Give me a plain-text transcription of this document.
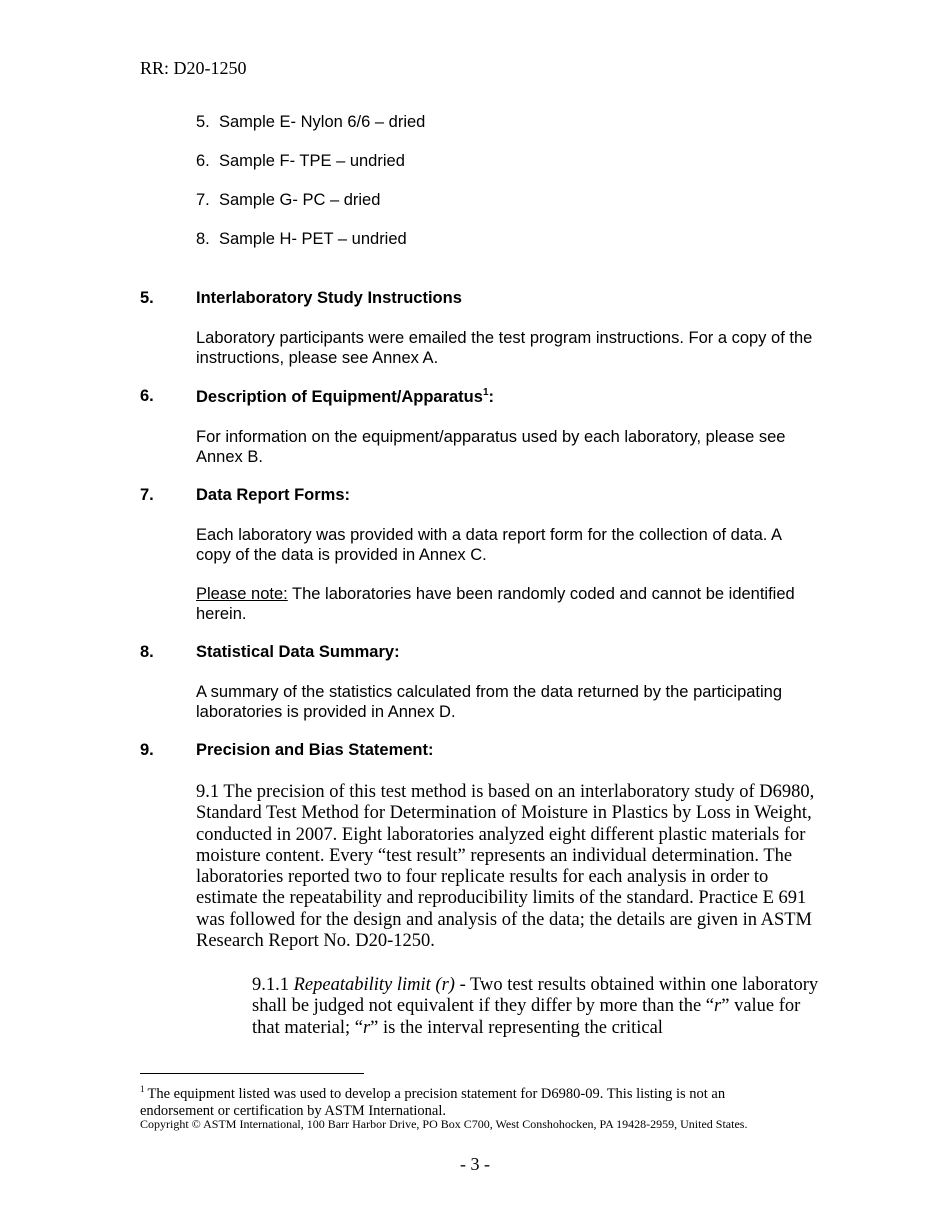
RR: D20-1250
5. Sample E- Nylon 6/6 – dried
6. Sample F- TPE – undried
7. Sample G- PC – dried
8. Sample H- PET – undried
5.	Interlaboratory Study Instructions
Laboratory participants were emailed the test program instructions. For a copy of the instructions, please see Annex A.
6.	Description of Equipment/Apparatus$^1$:
For information on the equipment/apparatus used by each laboratory, please see Annex B.
7.	Data Report Forms:
Each laboratory was provided with a data report form for the collection of data. A copy of the data is provided in Annex C.
Please note: The laboratories have been randomly coded and cannot be identified herein.
8.	Statistical Data Summary:
A summary of the statistics calculated from the data returned by the participating laboratories is provided in Annex D.
9.	Precision and Bias Statement:
9.1 The precision of this test method is based on an interlaboratory study of D6980, Standard Test Method for Determination of Moisture in Plastics by Loss in Weight, conducted in 2007. Eight laboratories analyzed eight different plastic materials for moisture content. Every “test result” represents an individual determination. The laboratories reported two to four replicate results for each analysis in order to estimate the repeatability and reproducibility limits of the standard. Practice E 691 was followed for the design and analysis of the data; the details are given in ASTM Research Report No. D20-1250.
9.1.1 Repeatability limit (r) - Two test results obtained within one laboratory shall be judged not equivalent if they differ by more than the “r” value for that material; “r” is the interval representing the critical
$^1$ The equipment listed was used to develop a precision statement for D6980-09. This listing is not an endorsement or certification by ASTM International.
Copyright © ASTM International, 100 Barr Harbor Drive, PO Box C700, West Conshohocken, PA 19428-2959, United States.
- 3 -
